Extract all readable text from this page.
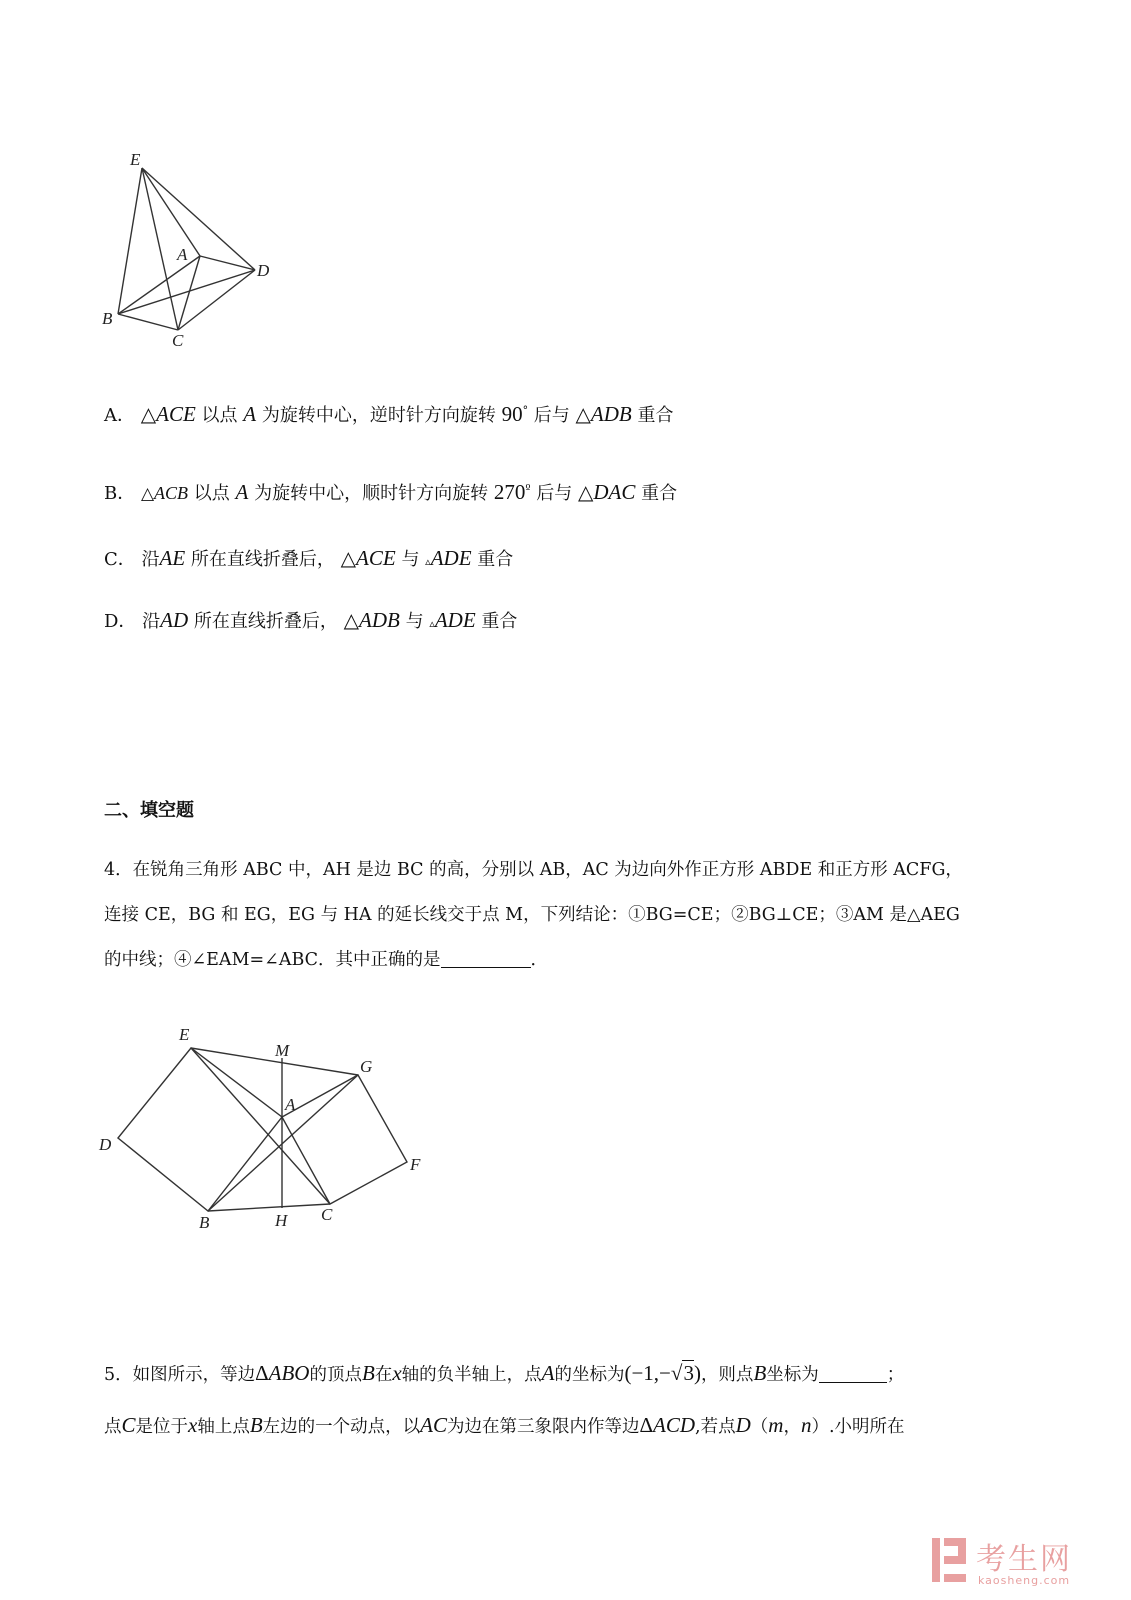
E
A
D
B
C
A． △ACE 以点 A 为旋转中心，逆时针方向旋转 90° 后与 △ADB 重合
B． △ACB 以点 A 为旋转中心，顺时针方向旋转 $270^º$ 后与 △DAC 重合
C． 沿AE 所在直线折叠后， △ACE 与 ▵ADE 重合
D． 沿AD 所在直线折叠后， △ADB 与 ▵ADE 重合
二、填空题
4．在锐角三角形 ABC 中，AH 是边 BC 的高，分别以 AB，AC 为边向外作正方形 ABDE 和正方形 ACFG，
连接 CE，BG 和 EG，EG 与 HA 的延长线交于点 M，下列结论：①BG=CE；②BG⊥CE；③AM 是△AEG
的中线；④∠EAM=∠ABC．其中正确的是	．
E
M
G
A
D
F
B	H C
5．如图所示，等边ΔABO的顶点B在x轴的负半轴上，点A的坐标为(−1,−√3)，则点B坐标为	；
点C是位于x轴上点B左边的一个动点，以AC为边在第三象限内作等边ΔACD,若点D（m，n）.小明所在
考生网
kaosheng.com
